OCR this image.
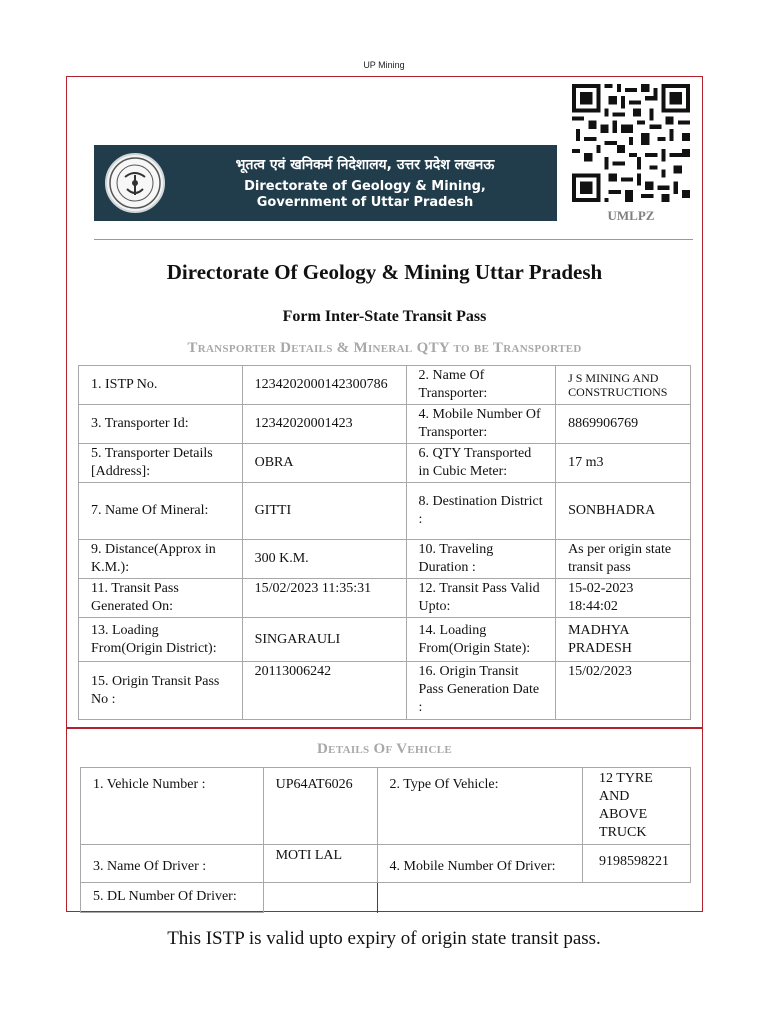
UP Mining
भूतत्व एवं खनिकर्म निदेशालय, उत्तर प्रदेश लखनऊ
Directorate of Geology & Mining,
Government of Uttar Pradesh
UMLPZ
Directorate Of Geology & Mining Uttar Pradesh
Form Inter-State Transit Pass
Transporter Details & Mineral QTY to be Transported
1. ISTP No.	1234202000142300786	2. Name Of Transporter:	J S MINING AND CONSTRUCTIONS
3. Transporter Id:	12342020001423	4. Mobile Number Of Transporter:	8869906769
5. Transporter Details [Address]:	OBRA	6. QTY Transported in Cubic Meter:	17 m3
7. Name Of Mineral:	GITTI	8. Destination District :	SONBHADRA
9. Distance(Approx in K.M.):	300 K.M.	10. Traveling Duration :	As per origin state transit pass
11. Transit Pass Generated On:	15/02/2023 11:35:31	12. Transit Pass Valid Upto:	15-02-2023 18:44:02
13. Loading From(Origin District):	SINGARAULI	14. Loading From(Origin State):	MADHYA PRADESH
15. Origin Transit Pass No :	20113006242	16. Origin Transit Pass Generation Date :	15/02/2023
Details Of Vehicle
1. Vehicle Number :	UP64AT6026	2. Type Of Vehicle:	12 TYRE AND ABOVE TRUCK
3. Name Of Driver :	MOTI LAL	4. Mobile Number Of Driver:	9198598221
5. DL Number Of Driver:			
This ISTP is valid upto expiry of origin state transit pass.
